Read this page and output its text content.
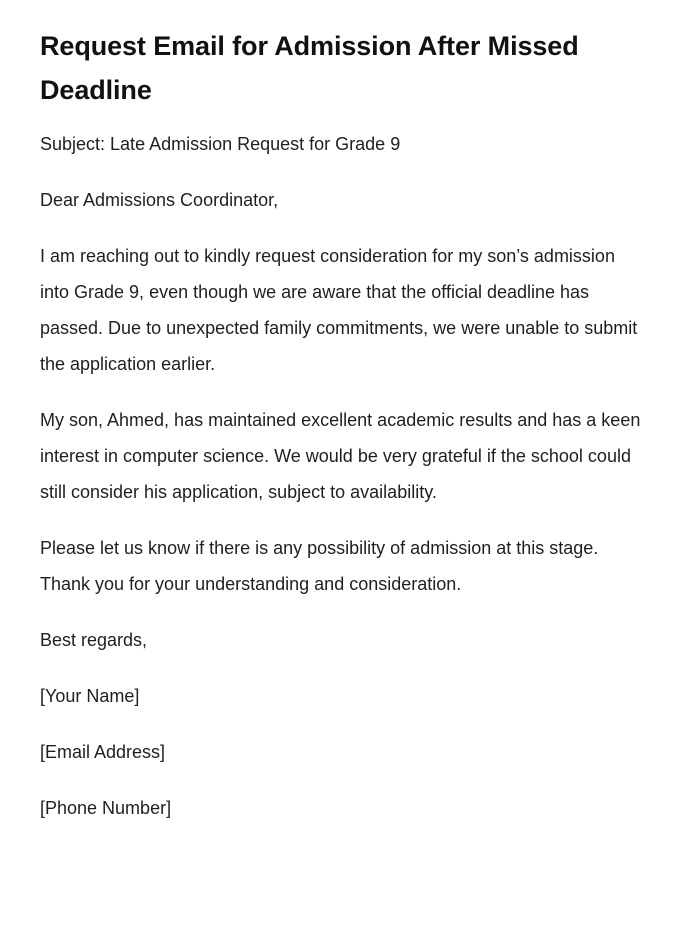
Request Email for Admission After Missed Deadline

Subject: Late Admission Request for Grade 9

Dear Admissions Coordinator,

I am reaching out to kindly request consideration for my son’s admission into Grade 9, even though we are aware that the official deadline has passed. Due to unexpected family commitments, we were unable to submit the application earlier.

My son, Ahmed, has maintained excellent academic results and has a keen interest in computer science. We would be very grateful if the school could still consider his application, subject to availability.

Please let us know if there is any possibility of admission at this stage. Thank you for your understanding and consideration.

Best regards,

[Your Name]

[Email Address]

[Phone Number]
